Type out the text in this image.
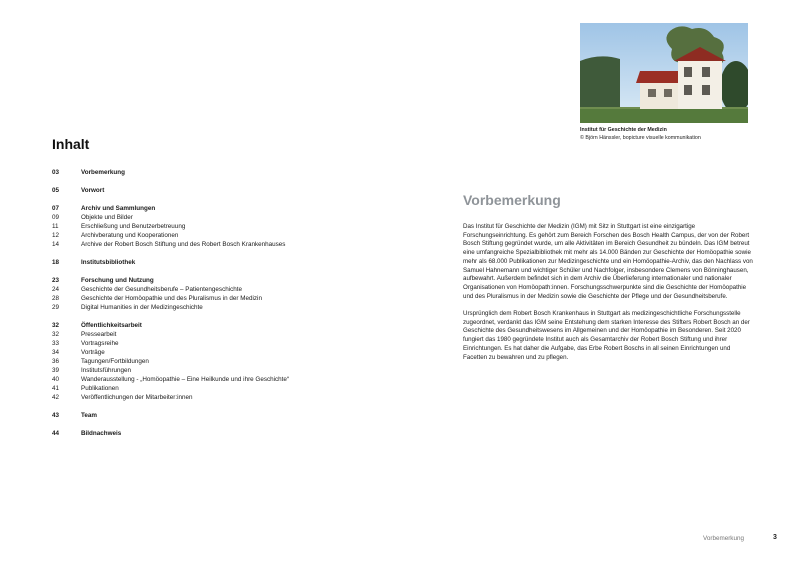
Inhalt
03	Vorbemerkung
05	Vorwort
07	Archiv und Sammlungen
09	Objekte und Bilder
11	Erschließung und Benutzerbetreuung
12	Archivberatung und Kooperationen
14	Archive der Robert Bosch Stiftung und des Robert Bosch Krankenhauses
18	Institutsbibliothek
23	Forschung und Nutzung
24	Geschichte der Gesundheitsberufe – Patientengeschichte
28	Geschichte der Homöopathie und des Pluralismus in der Medizin
29	Digital Humanities in der Medizingeschichte
32	Öffentlichkeitsarbeit
32	Pressearbeit
33	Vortragsreihe
34	Vorträge
36	Tagungen/Fortbildungen
39	Institutsführungen
40	Wanderausstellung - „Homöopathie – Eine Heilkunde und ihre Geschichte“
41	Publikationen
42	Veröffentlichungen der Mitarbeiter:innen
43	Team
44	Bildnachweis
Institut für Geschichte der Medizin
© Björn Hänssler, bopicture visuelle kommunikation
Vorbemerkung

Das Institut für Geschichte der Medizin (IGM) mit Sitz in Stuttgart ist eine einzigartige Forschungseinrichtung. Es gehört zum Bereich Forschen des Bosch Health Campus, der von der Robert Bosch Stiftung gegründet wurde, um alle Aktivitäten im Bereich Gesundheit zu bündeln. Das IGM betreut eine umfangreiche Spezialbibliothek mit mehr als 14.000 Bänden zur Geschichte der Homöopathie sowie mehr als 68.000 Publikationen zur Medizingeschichte und ein Homöopathie-Archiv, das den Nachlass von Samuel Hahnemann und wichtiger Schüler und Nachfolger, insbesondere Clemens von Bönninghausen, aufbewahrt. Außerdem befindet sich in dem Archiv die Überlieferung internationaler und nationaler Organisationen von Homöopath:innen. Forschungsschwerpunkte sind die Geschichte der Homöopathie und des Pluralismus in der Medizin sowie die Geschichte der Pflege und der Gesundheitsberufe.

Ursprünglich dem Robert Bosch Krankenhaus in Stuttgart als medizingeschichtliche Forschungsstelle zugeordnet, verdankt das IGM seine Entstehung dem starken Interesse des Stifters Robert Bosch an der Geschichte des Gesundheitswesens im Allgemeinen und der Homöopathie im Besonderen. Seit 2020 fungiert das 1980 gegründete Institut auch als Gesamtarchiv der Robert Bosch Stiftung und ihrer Einrichtungen. Es hat daher die Aufgabe, das Erbe Robert Boschs in all seinen Einrichtungen und Facetten zu bewahren und zu pflegen.

Vorbemerkung	3
